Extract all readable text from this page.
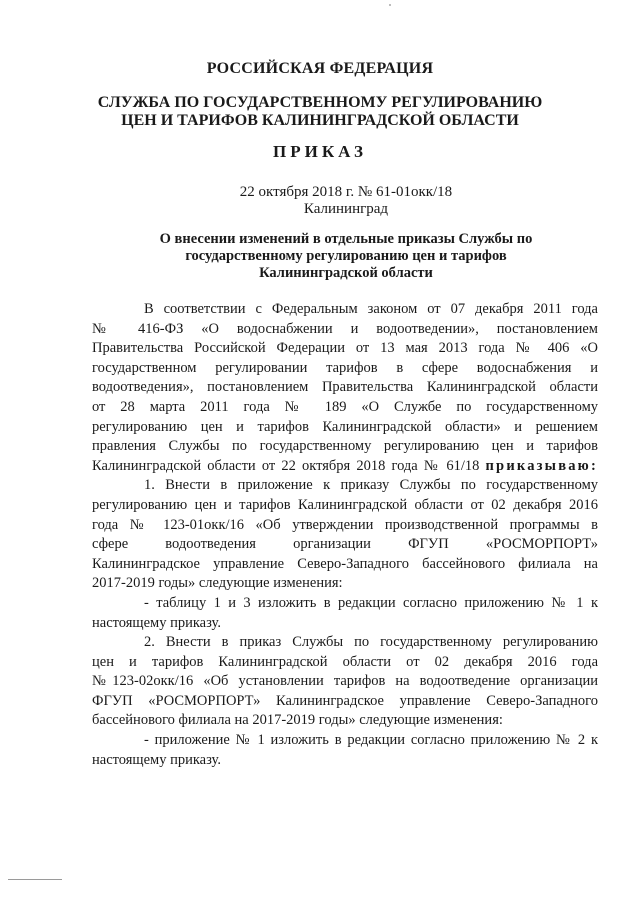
РОССИЙСКАЯ ФЕДЕРАЦИЯ
СЛУЖБА ПО ГОСУДАРСТВЕННОМУ РЕГУЛИРОВАНИЮ
ЦЕН И ТАРИФОВ КАЛИНИНГРАДСКОЙ ОБЛАСТИ
ПРИКАЗ
22 октября 2018 г. № 61-01окк/18
Калининград
О внесении изменений в отдельные приказы Службы по
государственному регулированию цен и тарифов
Калининградской области
В соответствии с Федеральным законом от 07 декабря 2011 года
№ 416-ФЗ «О водоснабжении и водоотведении», постановлением
Правительства Российской Федерации от 13 мая 2013 года № 406 «О
государственном регулировании тарифов в сфере водоснабжения и
водоотведения», постановлением Правительства Калининградской области
от 28 марта 2011 года № 189 «О Службе по государственному
регулированию цен и тарифов Калининградской области» и решением
правления Службы по государственному регулированию цен и тарифов
Калининградской области от 22 октября 2018 года № 61/18 приказываю:
1. Внести в приложение к приказу Службы по государственному
регулированию цен и тарифов Калининградской области от 02 декабря 2016
года № 123-01окк/16 «Об утверждении производственной программы в
сфере водоотведения организации ФГУП «РОСМОРПОРТ»
Калининградское управление Северо-Западного бассейнового филиала на
2017-2019 годы» следующие изменения:
- таблицу 1 и 3 изложить в редакции согласно приложению № 1 к
настоящему приказу.
2. Внести в приказ Службы по государственному регулированию
цен и тарифов Калининградской области от 02 декабря 2016 года
№123-02окк/16 «Об установлении тарифов на водоотведение организации
ФГУП «РОСМОРПОРТ» Калининградское управление Северо-Западного
бассейнового филиала на 2017-2019 годы» следующие изменения:
- приложение № 1 изложить в редакции согласно приложению № 2 к
настоящему приказу.
